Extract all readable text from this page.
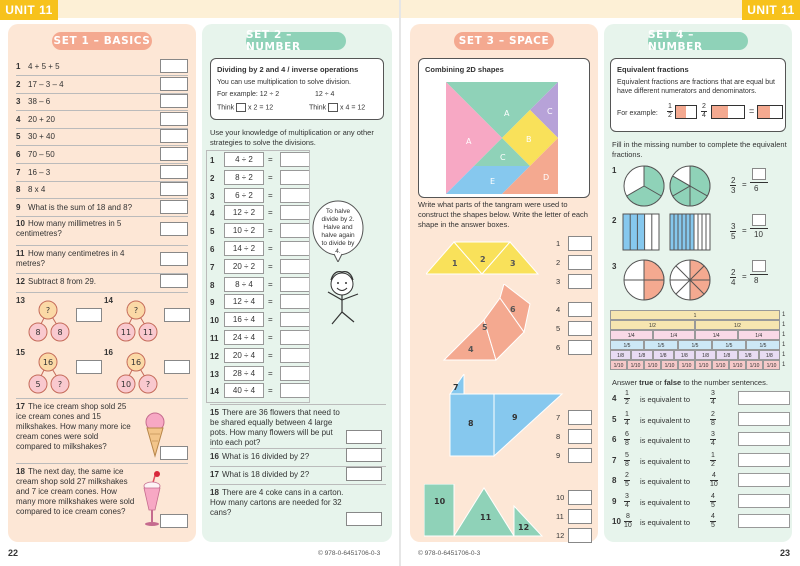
UNIT 11	UNIT 11
SET 1 – BASICS	SET 2 – NUMBER	SET 3 – SPACE	SET 4 – NUMBER
1 4 + 5 + 5
2 17 – 3 – 4
3 38 – 6
4 20 + 20
5 30 + 40
6 70 – 50
7 16 – 3
8 8 x 4
9 What is the sum of 18 and 8?
10 How many millimetres in 5 centimetres?
11 How many centimetres in 4 metres?
12 Subtract 8 from 29.
13
?
8 8
14
?
11 11
15
16
5 ?
16
16
10 ?
17 The ice cream shop sold 25 ice cream cones and 15 milkshakes. How many more ice cream cones were sold compared to milkshakes?
18 The next day, the same ice cream shop sold 27 milkshakes and 7 ice cream cones. How many more milkshakes were sold compared to ice cream cones?
22
Dividing by 2 and 4 / inverse operations
You can use multiplication to solve division.
For example: 12 ÷ 2	12 ÷ 4
Think x 2 = 12	Think x 4 = 12
Use your knowledge of multiplication or any other strategies to solve the divisions.
1	4 ÷ 2	=
2	8 ÷ 2	=
3	6 ÷ 2	=
4	12 ÷ 2	=
5	10 ÷ 2	=
6	14 ÷ 2	=
7	20 ÷ 2	=
8	8 ÷ 4	=
9	12 ÷ 4	=
10	16 ÷ 4	=
11	24 ÷ 4	=
12	20 ÷ 4	=
13	28 ÷ 4	=
14	40 ÷ 4	=
To halve divide by 2. Halve and halve again to divide by 4.
15 There are 36 flowers that need to be shared equally between 4 large pots. How many flowers will be put into each pot?
16 What is 16 divided by 2?
17 What is 18 divided by 2?
18 There are 4 coke cans in a carton. How many cartons are needed for 32 cans?
© 978-0-6451706-0-3
Combining 2D shapes
A
A	B
C
C
D
E
Write what parts of the tangram were used to construct the shapes below. Write the letter of each shape in the answer boxes.
1	2	3
4
5
6
7
8
9
10
11
12
1
2
3
4
5
6
7
8
9
10
11
12
© 978-0-6451706-0-3
Equivalent fractions
Equivalent fractions are fractions that are equal but have different numerators and denominators.
For example: $\frac{1}{2}$	$\frac{2}{4}$	=
Fill in the missing number to complete the equivalent fractions.
1
2
3
$\frac{2}{3} = 6$
$\frac{3}{5} = 10$
$\frac{2}{4} = 8$
1	1
1/2	1/2	1
1/4	1/4	1/4	1/4	1
1/5	1/5	1/5	1/5	1/5	1
1/8	1/8	1/8	1/8	1/8	1/8	1/8	1/8	1
1/10	1/10	1/10	1/10	1/10	1/10	1/10	1/10	1/10	1/10 1
Answer true or false to the number sentences.
$4 \frac{1}{2}$ is equivalent to	$\frac{3}{4}$
$5 \frac{1}{4}$ is equivalent to	$\frac{2}{8}$
$6 \frac{6}{8}$ is equivalent to	$\frac{3}{4}$
$7 \frac{5}{8}$ is equivalent to	$\frac{1}{2}$
$8 \frac{2}{5}$ is equivalent to	$\frac{4}{10}$
$9 \frac{3}{4}$ is equivalent to	$\frac{4}{5}$
$10 \frac{8}{10}$ is equivalent to	$\frac{4}{5}$
23
